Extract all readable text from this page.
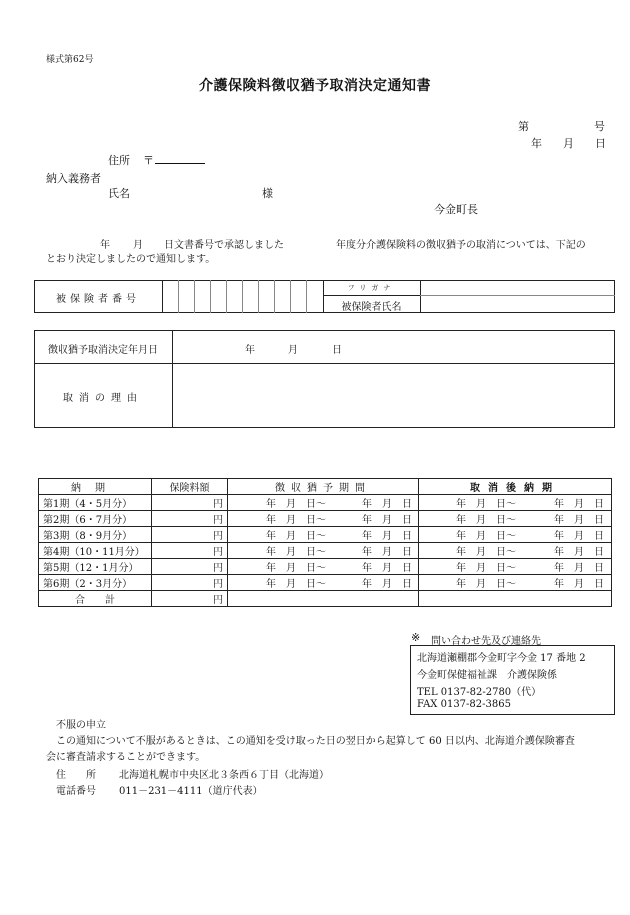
様式第62号
介護保険料徴収猶予取消決定通知書
第	号
年 月 日
住所 〒
納入義務者
氏名	様
今金町長
年 月 日文書番号で承認しました	年度分介護保険料の徴収猶予の取消については、下記の
とおり決定しましたので通知します。
被保険者番号
フリガナ
被保険者氏名
徴収猶予取消決定年月日	年	月	日
取消の理由
納期	保険料額	徴収猶予期間	取消後納期
第1期（4・5月分）	円	年　月　日〜 年　月　日	年　月　日〜 年　月　日
第2期（6・7月分）	円	年　月　日〜 年　月　日	年　月　日〜 年　月　日
第3期（8・9月分）	円	年　月　日〜 年　月　日	年　月　日〜 年　月　日
第4期（10・11月分）	円	年　月　日〜 年　月　日	年　月　日〜 年　月　日
第5期（12・1月分）	円	年　月　日〜 年　月　日	年　月　日〜 年　月　日
第6期（2・3月分）	円	年　月　日〜 年　月　日	年　月　日〜 年　月　日
合　　計	円		
※ 問い合わせ先及び連絡先
北海道瀬棚郡今金町字今金 17 番地 2
今金町保健福祉課　介護保険係
TEL 0137-82-2780（代）
FAX 0137-82-3865
不服の申立
この通知について不服があるときは、この通知を受け取った日の翌日から起算して 60 日以内、北海道介護保険審査
会に審査請求することができます。
住　　所 北海道札幌市中央区北３条西６丁目（北海道）
電話番号 011－231－4111（道庁代表）
